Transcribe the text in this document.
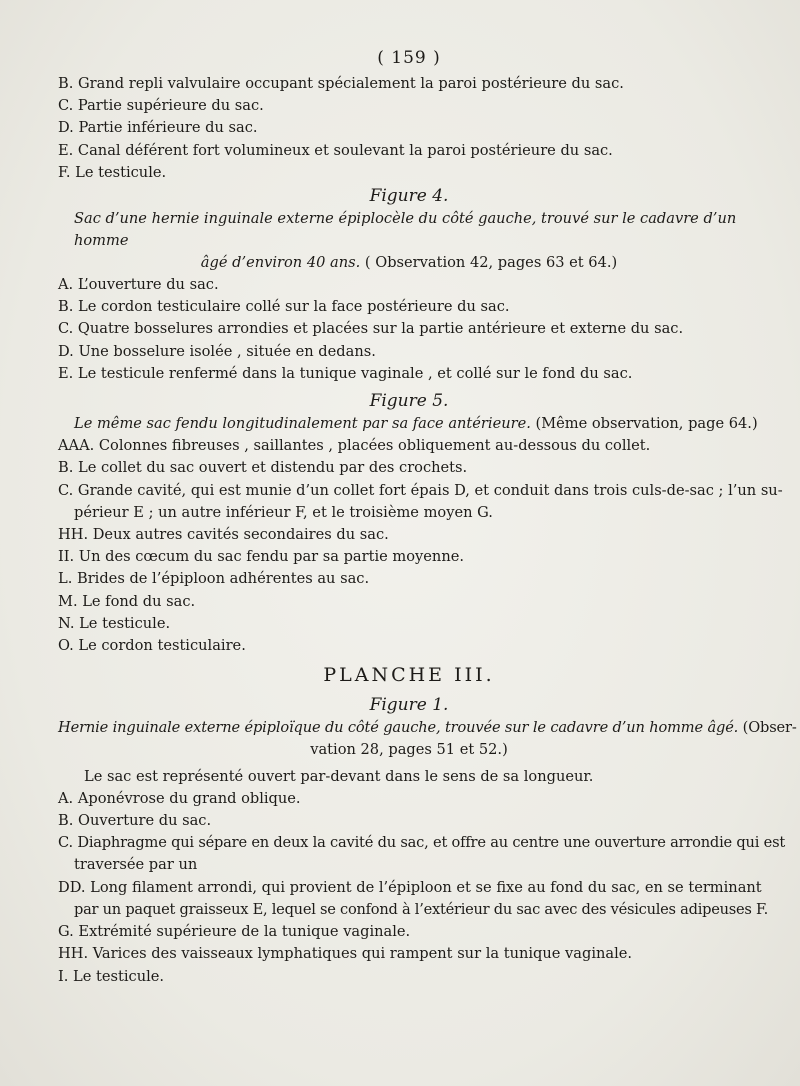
( 159 )

B. Grand repli valvulaire occupant spécialement la paroi postérieure du sac.

C. Partie supérieure du sac.

D. Partie inférieure du sac.

E. Canal déférent fort volumineux et soulevant la paroi postérieure du sac.

F. Le testicule.

Figure 4.

Sac d’une hernie inguinale externe épiplocèle du côté gauche, trouvé sur le cadavre d’un homme

âgé d’environ 40 ans. ( Observation 42, pages 63 et 64.)

A. L’ouverture du sac.

B. Le cordon testiculaire collé sur la face postérieure du sac.

C. Quatre bosselures arrondies et placées sur la partie antérieure et externe du sac.

D. Une bosselure isolée , située en dedans.

E. Le testicule renfermé dans la tunique vaginale , et collé sur le fond du sac.

Figure 5.

Le même sac fendu longitudinalement par sa face antérieure. (Même observation, page 64.)

AAA. Colonnes fibreuses , saillantes , placées obliquement au-dessous du collet.

B. Le collet du sac ouvert et distendu par des crochets.

C. Grande cavité, qui est munie d’un collet fort épais D, et conduit dans trois culs-de-sac ; l’un su-

périeur E ; un autre inférieur F, et le troisième moyen G.

HH. Deux autres cavités secondaires du sac.

II. Un des cœcum du sac fendu par sa partie moyenne.

L. Brides de l’épiploon adhérentes au sac.

M. Le fond du sac.

N. Le testicule.

O. Le cordon testiculaire.

PLANCHE III.

Figure 1.

Hernie inguinale externe épiploïque du côté gauche, trouvée sur le cadavre d’un homme âgé. (Obser-

vation 28, pages 51 et 52.)

Le sac est représenté ouvert par-devant dans le sens de sa longueur.

A. Aponévrose du grand oblique.

B. Ouverture du sac.

C. Diaphragme qui sépare en deux la cavité du sac, et offre au centre une ouverture arrondie qui est

traversée par un

DD. Long filament arrondi, qui provient de l’épiploon et se fixe au fond du sac, en se terminant

par un paquet graisseux E, lequel se confond à l’extérieur du sac avec des vésicules adipeuses F.

G. Extrémité supérieure de la tunique vaginale.

HH. Varices des vaisseaux lymphatiques qui rampent sur la tunique vaginale.

I. Le testicule.
